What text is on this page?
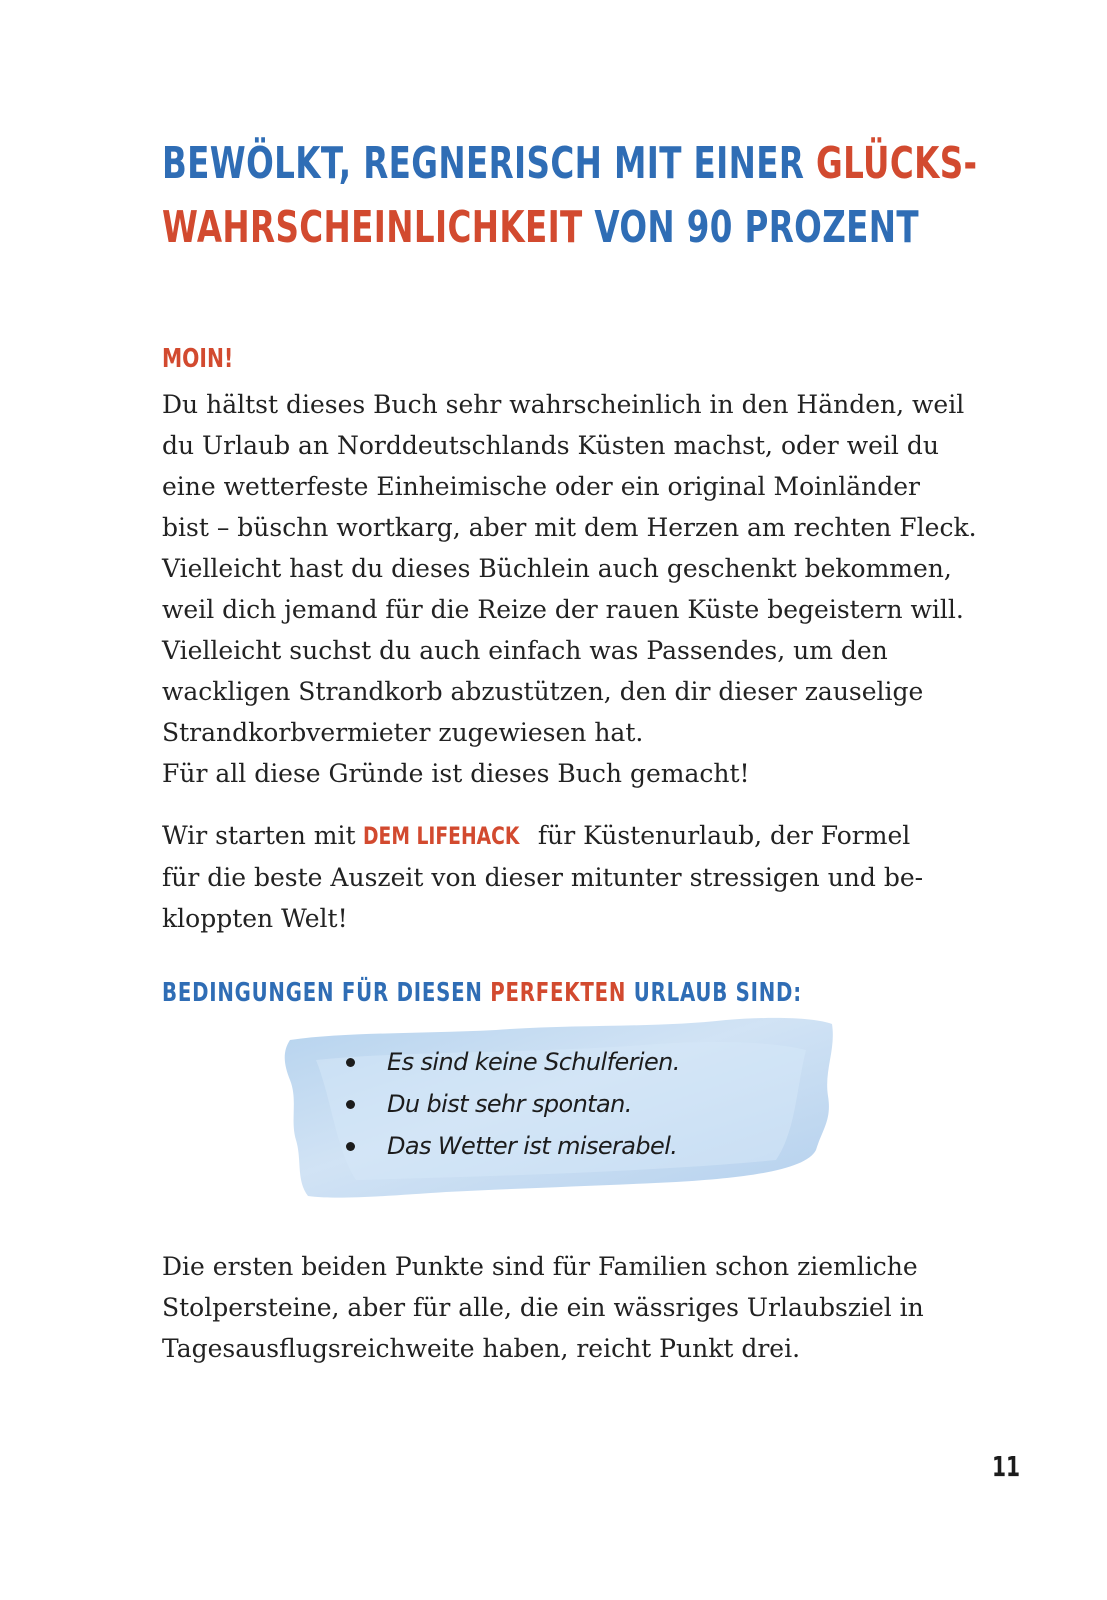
BEWÖLKT, REGNERISCH MIT EINER GLÜCKS-
WAHRSCHEINLICHKEIT VON 90 PROZENT
MOIN!

Du hältst dieses Buch sehr wahrscheinlich in den Händen, weil
du Urlaub an Norddeutschlands Küsten machst, oder weil du
eine wetterfeste Einheimische oder ein original Moinländer
bist – büschn wortkarg, aber mit dem Herzen am rechten Fleck.
Vielleicht hast du dieses Büchlein auch geschenkt bekommen,
weil dich jemand für die Reize der rauen Küste begeistern will.
Vielleicht suchst du auch einfach was Passendes, um den
wackligen Strandkorb abzustützen, den dir dieser zauselige
Strandkorbvermieter zugewiesen hat.
Für all diese Gründe ist dieses Buch gemacht!

Wir starten mit DEM LIFEHACK für Küstenurlaub, der Formel
für die beste Auszeit von dieser mitunter stressigen und be-
kloppten Welt!

BEDINGUNGEN FÜR DIESEN PERFEKTEN URLAUB SIND:
Es sind keine Schulferien.
Du bist sehr spontan.
Das Wetter ist miserabel.

Die ersten beiden Punkte sind für Familien schon ziemliche
Stolpersteine, aber für alle, die ein wässriges Urlaubsziel in
Tagesausflugsreichweite haben, reicht Punkt drei.

11
